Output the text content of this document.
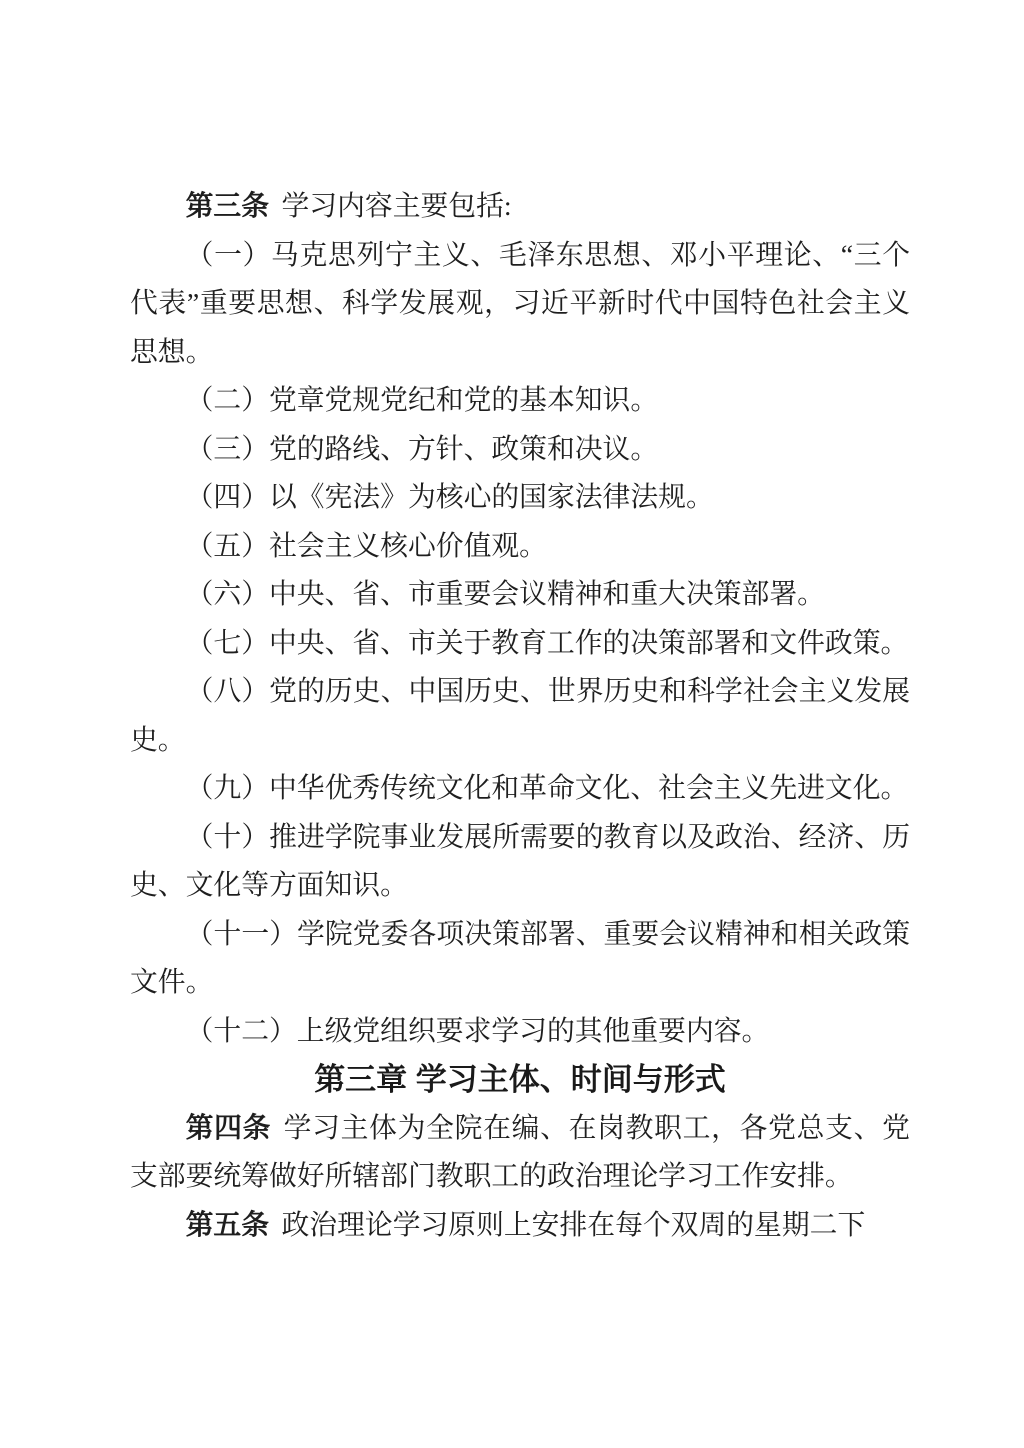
第三条 学习内容主要包括:

（一）马克思列宁主义、毛泽东思想、邓小平理论、“三个代表”重要思想、科学发展观，习近平新时代中国特色社会主义思想。

（二）党章党规党纪和党的基本知识。

（三）党的路线、方针、政策和决议。

（四）以《宪法》为核心的国家法律法规。

（五）社会主义核心价值观。

（六）中央、省、市重要会议精神和重大决策部署。

（七）中央、省、市关于教育工作的决策部署和文件政策。

（八）党的历史、中国历史、世界历史和科学社会主义发展史。

（九）中华优秀传统文化和革命文化、社会主义先进文化。

（十）推进学院事业发展所需要的教育以及政治、经济、历史、文化等方面知识。

（十一）学院党委各项决策部署、重要会议精神和相关政策文件。

（十二）上级党组织要求学习的其他重要内容。

第三章 学习主体、时间与形式

第四条 学习主体为全院在编、在岗教职工，各党总支、党支部要统筹做好所辖部门教职工的政治理论学习工作安排。

第五条 政治理论学习原则上安排在每个双周的星期二下
